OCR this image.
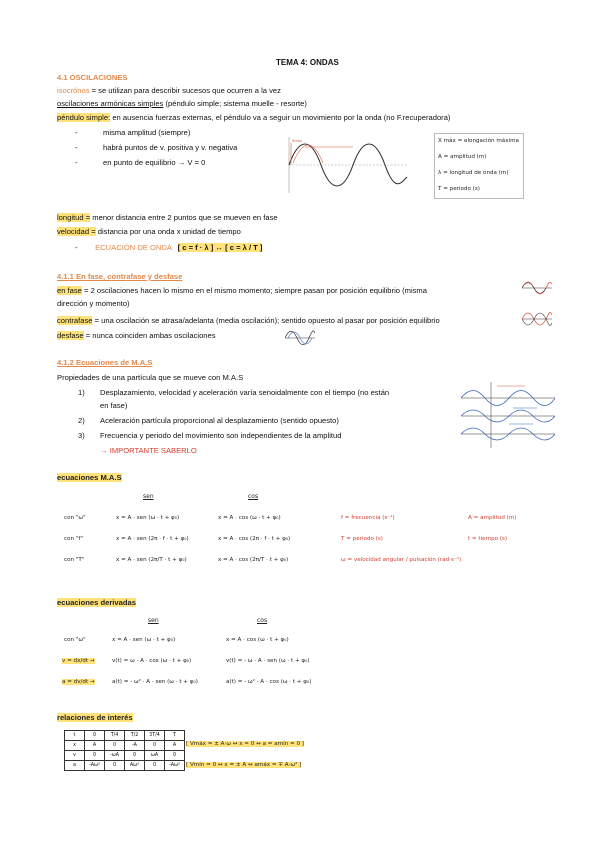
TEMA 4: ONDAS
4.1 OSCILACIONES
isocrónos = se utilizan para describir sucesos que ocurren a la vez
oscilaciones armónicas simples (péndulo simple; sistema muelle - resorte)
péndulo simple: en ausencia fuerzas externas, el péndulo va a seguir un movimiento por la onda (no F.recuperadora)
-	misma amplitud (siempre)
-	habrá puntos de v. positiva y v. negativa
-	en punto de equilibrio → V = 0
Xmax	X máx = elongación máxima
A = amplitud (m)
λ = longitud de onda (m)
T = periodo (s)
longitud = menor distancia entre 2 puntos que se mueven en fase
velocidad = distancia por una onda x unidad de tiempo
- ECUACIÓN DE ONDA [ c = f · λ ] ↔ [ c = λ / T ]
4.1.1 En fase, contrafase y desfase
en fase = 2 oscilaciones hacen lo mismo en el mismo momento; siempre pasan por posición equilibrio (misma
dirección y momento)
contrafase = una oscilación se atrasa/adelanta (media oscilación); sentido opuesto al pasar por posición equilibrio
desfase = nunca coinciden ambas oscilaciones
4.1.2 Ecuaciones de M.A.S
Propiedades de una partícula que se mueve con M.A.S
1) Desplazamiento, velocidad y aceleración varía senoidalmente con el tiempo (no están
en fase)
2) Aceleración partícula proporcional al desplazamiento (sentido opuesto)
3) Frecuencia y periodo del movimiento son independientes de la amplitud
→ IMPORTANTE SABERLO
ecuaciones M.A.S
sen	cos
con "ω"	x = A · sen (ω · t + φ₀)	x = A · cos (ω · t + φ₀)
con "f"	x = A · sen (2π · f · t + φ₀)	x = A · cos (2π · f · t + φ₀)
con "T"	x = A · sen (2π/T · t + φ₀)	x = A · cos (2π/T · t + φ₀)
f = frecuencia (s⁻¹)	A = amplitud (m)
T = periodo (s)	t = tiempo (s)
ω = velocidad angular / pulsación (rad·s⁻¹)
ecuaciones derivadas
sen	cos
con "ω"	x = A · sen (ω · t + φ₀)	x = A · cos (ω · t + φ₀)
v = dx/dt →	v(t) = ω · A · cos (ω · t + φ₀)	v(t) = - ω · A · sen (ω · t + φ₀)
a = dv/dt →	a(t) = - ω² · A · sen (ω · t + φ₀)	a(t) = - ω² · A · cos (ω · t + φ₀)
relaciones de interés
t	0	T/4	T/2	3T/4	T
x	A	0	-A	0	A
v	0	-ωA	0	ωA	0
a	-Aω²	0	Aω²	0	-Aω²
[ Vmáx = ± A·ω ↔ x = 0 ↔ a = amín = 0 ]
[ Vmín = 0 ↔ x = ± A ↔ amáx = ∓ A·ω² ]
